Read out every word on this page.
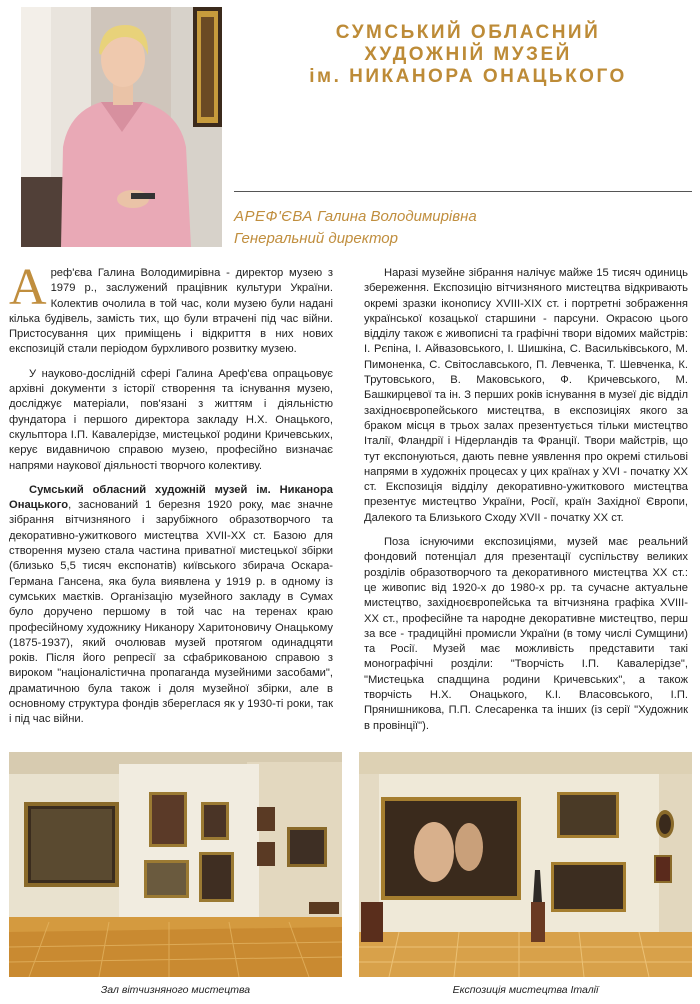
СУМСЬКИЙ ОБЛАСНИЙ
ХУДОЖНІЙ МУЗЕЙ
ім. НИКАНОРА ОНАЦЬКОГО
АРЕФ'ЄВА Галина Володимирівна
Генеральний директор

Ареф'єва Галина Володимирівна - директор музею з 1979 р., заслужений працівник культури України. Колектив очолила в той час, коли музею були надані кілька будівель, замість тих, що були втрачені під час війни. Пристосування цих приміщень і відкриття в них нових експозицій стали періодом бурхливого розвитку музею.

У науково-дослідній сфері Галина Ареф'єва опрацьовує архівні документи з історії створення та існування музею, досліджує матеріали, пов'язані з життям і діяльністю фундатора і першого директора закладу Н.Х. Онацького, скульптора І.П. Кавалерідзе, мистецької родини Кричевських, керує видавничою справою музею, професійно визначає напрями наукової діяльності творчого колективу.

Сумський обласний художній музей ім. Никанора Онацького, заснований 1 березня 1920 року, має значне зібрання вітчизняного і зарубіжного образотворчого та декоративно-ужиткового мистецтва XVII-XX ст. Базою для створення музею стала частина приватної мистецької збірки (близько 5,5 тисяч експонатів) київського збирача Оскара-Германа Гансена, яка була виявлена у 1919 р. в одному із сумських маєтків. Організацію музейного закладу в Сумах було доручено першому в той час на теренах краю професійному художнику Никанору Харитоновичу Онацькому (1875-1937), який очолював музей протягом одинадцяти років. Після його репресії за сфабрикованою справою з вироком "націоналістична пропаганда музейними засобами", драматичною була також і доля музейної збірки, але в основному структура фондів збереглася як у 1930-ті роки, так і під час війни.

Наразі музейне зібрання налічує майже 15 тисяч одиниць збереження. Експозицію вітчизняного мистецтва відкривають окремі зразки іконопису XVIII-XIX ст. і портретні зображення української козацької старшини - парсуни. Окрасою цього відділу також є живописні та графічні твори відомих майстрів: І. Рєпіна, І. Айвазовського, І. Шишкіна, С. Васильківського, М. Пимоненка, С. Світославського, П. Левченка, Т. Шевченка, К. Трутовського, В. Маковського, Ф. Кричевського, М. Башкирцевої та ін. З перших років існування в музеї діє відділ західноєвропейського мистецтва, в експозиціях якого за браком місця в трьох залах презентується тільки мистецтво Італії, Фландрії і Нідерландів та Франції. Твори майстрів, що тут експонуються, дають певне уявлення про окремі стильові напрями в художніх процесах у цих країнах у XVI - початку XX ст. Експозиція відділу декоративно-ужиткового мистецтва презентує мистецтво України, Росії, країн Західної Європи, Далекого та Близького Сходу XVII - початку XX ст.

Поза існуючими експозиціями, музей має реальний фондовий потенціал для презентації суспільству великих розділів образотворчого та декоративного мистецтва XX ст.: це живопис від 1920-х до 1980-х рр. та сучасне актуальне мистецтво, західноєвропейська та вітчизняна графіка XVIII-XX ст., професійне та народне декоративне мистецтво, перш за все - традиційні промисли України (в тому числі Сумщини) та Росії. Музей має можливість представити такі монографічні розділи: "Творчість І.П. Кавалерідзе", "Мистецька спадщина родини Кричевських", а також творчість Н.Х. Онацького, К.І. Власовського, І.П. Прянишникова, П.П. Слесаренка та інших (із серії "Художник в провінції").

Зал вітчизняного мистецтва	Експозиція мистецтва Італії
